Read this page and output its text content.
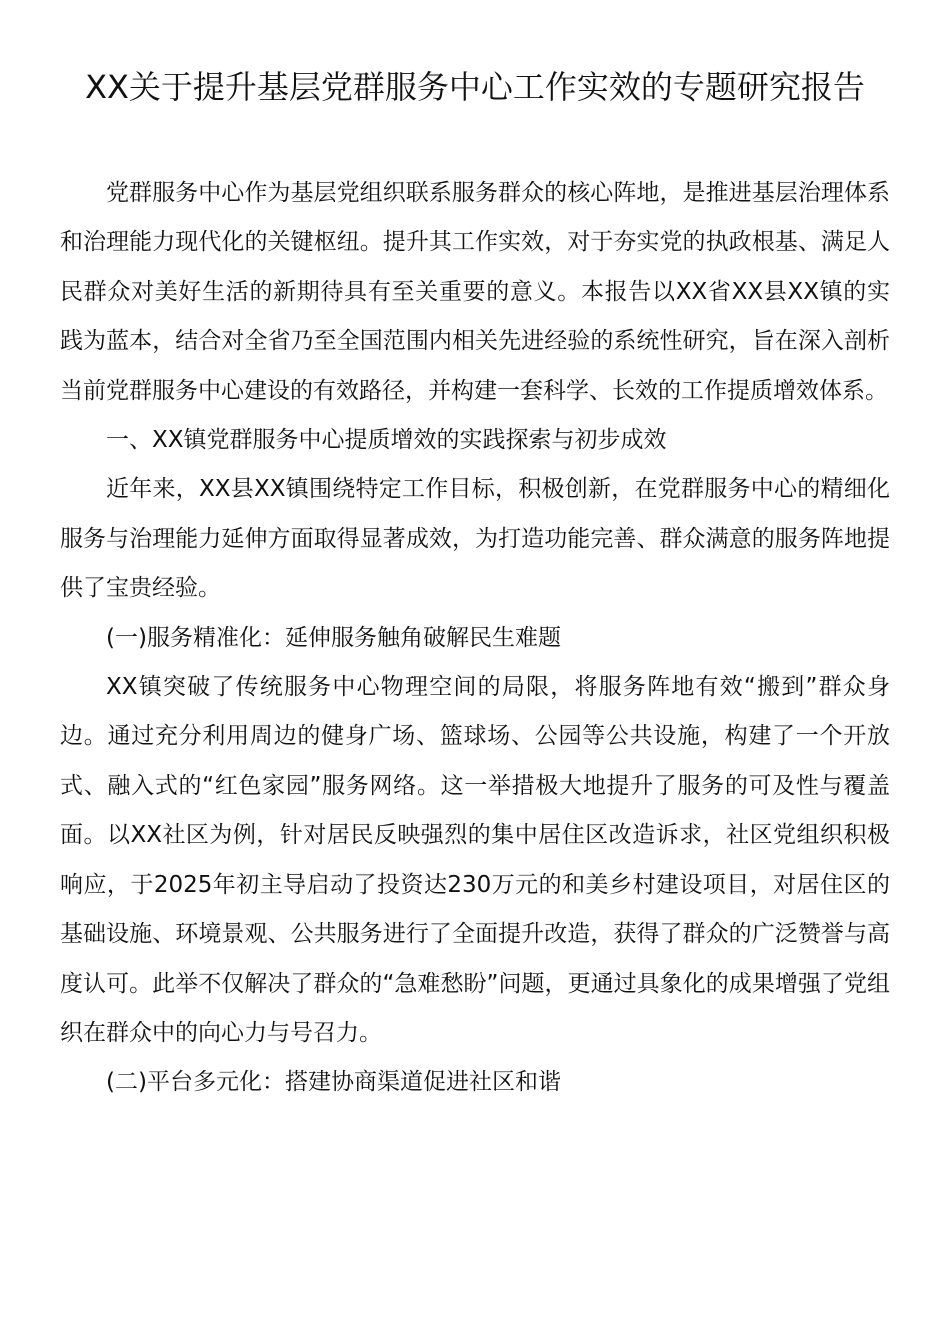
XX关于提升基层党群服务中心工作实效的专题研究报告

党群服务中心作为基层党组织联系服务群众的核心阵地，是推进基层治理体系和治理能力现代化的关键枢纽。提升其工作实效，对于夯实党的执政根基、满足人民群众对美好生活的新期待具有至关重要的意义。本报告以XX省XX县XX镇的实践为蓝本，结合对全省乃至全国范围内相关先进经验的系统性研究，旨在深入剖析当前党群服务中心建设的有效路径，并构建一套科学、长效的工作提质增效体系。

一、XX镇党群服务中心提质增效的实践探索与初步成效

近年来，XX县XX镇围绕特定工作目标，积极创新，在党群服务中心的精细化服务与治理能力延伸方面取得显著成效，为打造功能完善、群众满意的服务阵地提供了宝贵经验。

(一)服务精准化：延伸服务触角破解民生难题

XX镇突破了传统服务中心物理空间的局限，将服务阵地有效“搬到”群众身边。通过充分利用周边的健身广场、篮球场、公园等公共设施，构建了一个开放式、融入式的“红色家园”服务网络。这一举措极大地提升了服务的可及性与覆盖面。以XX社区为例，针对居民反映强烈的集中居住区改造诉求，社区党组织积极响应，于2025年初主导启动了投资达230万元的和美乡村建设项目，对居住区的基础设施、环境景观、公共服务进行了全面提升改造，获得了群众的广泛赞誉与高度认可。此举不仅解决了群众的“急难愁盼”问题，更通过具象化的成果增强了党组织在群众中的向心力与号召力。

(二)平台多元化：搭建协商渠道促进社区和谐
